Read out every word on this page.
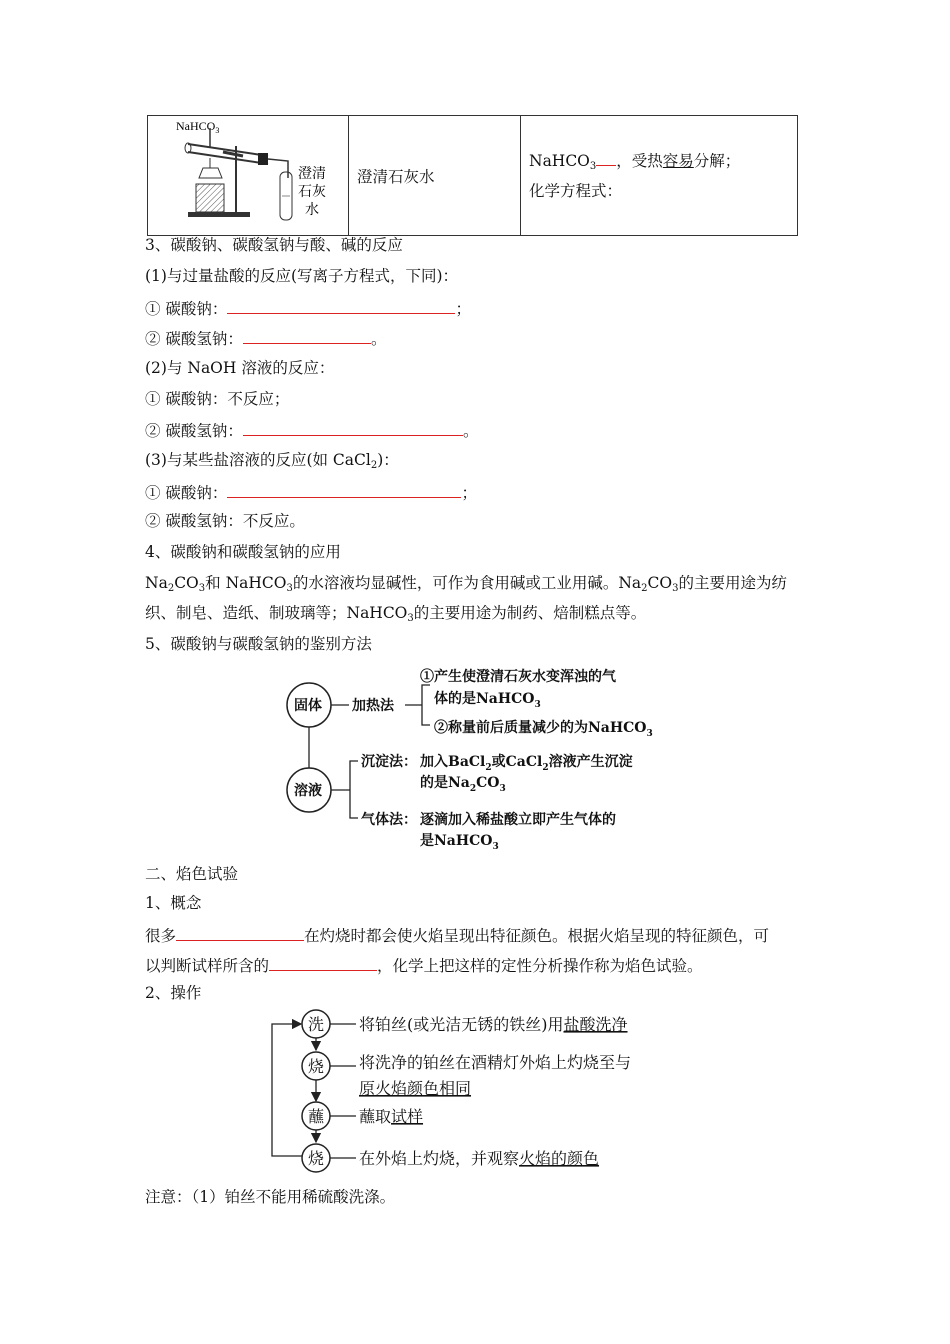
NaHCO$_3$
澄清
石灰
水
	澄清石灰水	
NaHCO$_3$ ，受热容易分解；
化学方程式：
3、碳酸钠、碳酸氢钠与酸、碱的反应
(1)与过量盐酸的反应(写离子方程式，下同)：
① 碳酸钠：	；
② 碳酸氢钠：	。
(2)与 NaOH 溶液的反应：
① 碳酸钠：不反应；
② 碳酸氢钠：	。
(3)与某些盐溶液的反应(如 CaCl$_2$)：
① 碳酸钠：	；
② 碳酸氢钠：不反应。
4、碳酸钠和碳酸氢钠的应用
$Na_2CO_3$和 NaHCO$_3$的水溶液均显碱性，可作为食用碱或工业用碱。$Na_2CO_3$的主要用途为纺
织、制皂、造纸、制玻璃等；NaHCO$_3$的主要用途为制药、焙制糕点等。
5、碳酸钠与碳酸氢钠的鉴别方法
固体
溶液
加热法
①产生使澄清石灰水变浑浊的气
体的是NaHCO$_3$
②称量前后质量减少的为NaHCO$_3$
沉淀法： 加入BaCl$_2$或CaCl$_2$溶液产生沉淀
的是$Na_2CO_3$
气体法： 逐滴加入稀盐酸立即产生气体的
是NaHCO$_3$
二、焰色试验
1、概念
很多	在灼烧时都会使火焰呈现出特征颜色。根据火焰呈现的特征颜色，可
以判断试样所含的	，化学上把这样的定性分析操作称为焰色试验。
2、操作
洗 将铂丝(或光洁无锈的铁丝)用盐酸洗净
烧 将洗净的铂丝在酒精灯外焰上灼烧至与
原火焰颜色相同
蘸 蘸取试样
烧 在外焰上灼烧，并观察火焰的颜色
注意：（1）铂丝不能用稀硫酸洗涤。
